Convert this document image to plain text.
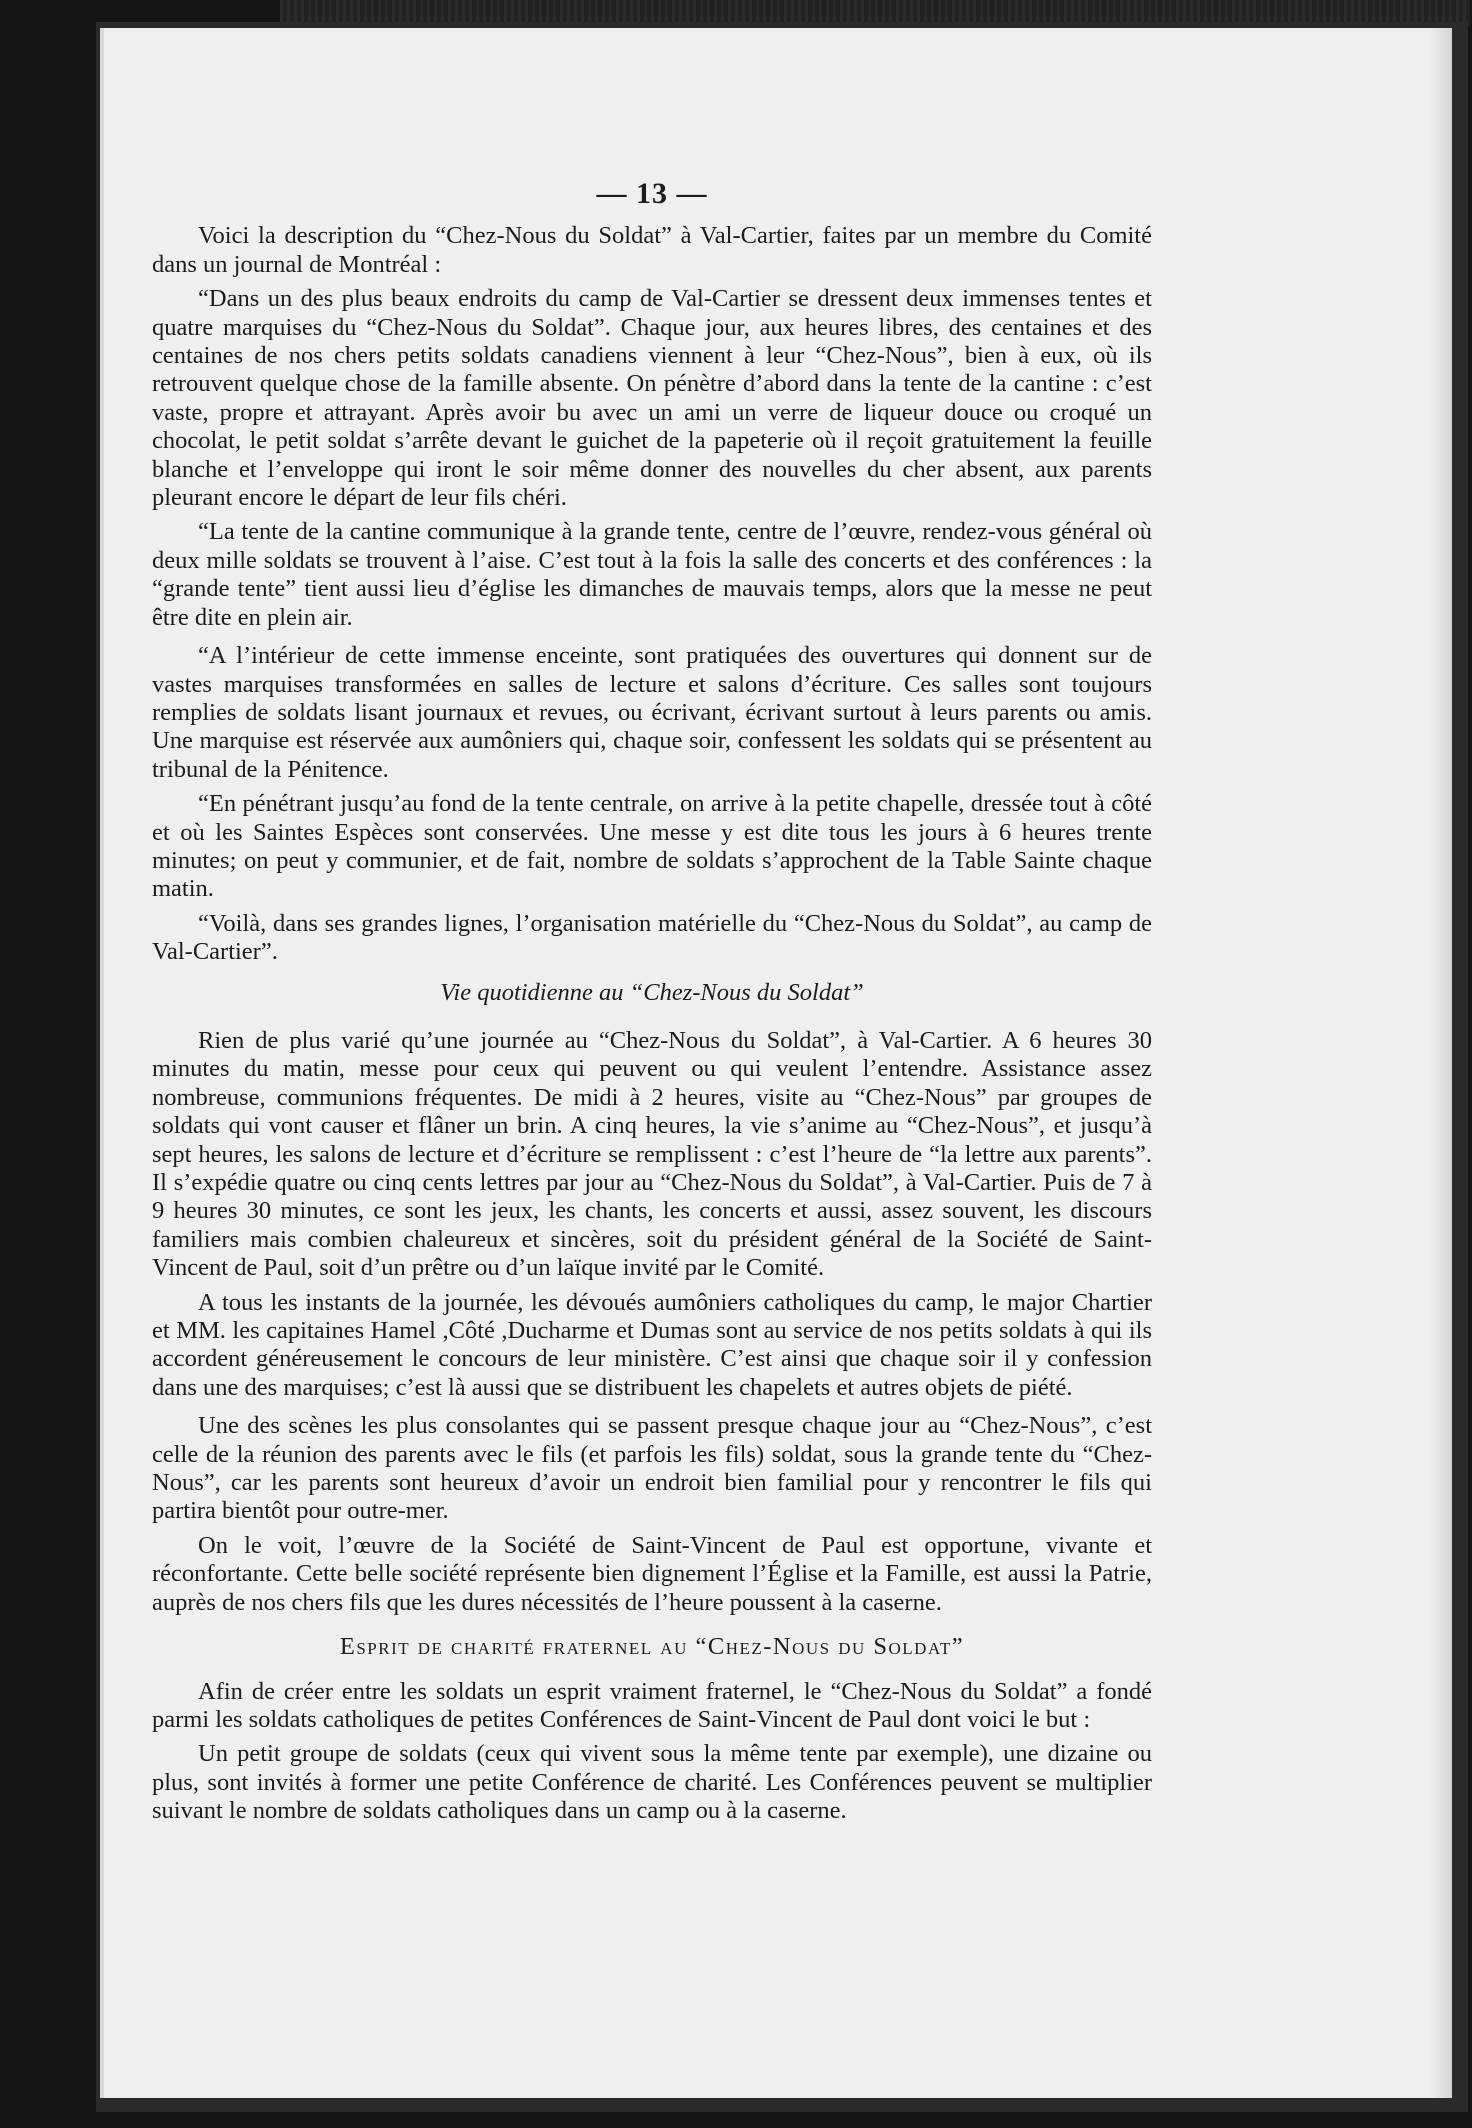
— 13 —

Voici la description du “Chez-Nous du Soldat” à Val-Cartier, faites par un membre du Comité dans un journal de Montréal :

“Dans un des plus beaux endroits du camp de Val-Cartier se dressent deux immenses tentes et quatre marquises du “Chez-Nous du Soldat”. Chaque jour, aux heures libres, des centaines et des centaines de nos chers petits soldats canadiens viennent à leur “Chez-Nous”, bien à eux, où ils retrouvent quelque chose de la famille absente. On pénètre d’abord dans la tente de la cantine : c’est vaste, propre et attrayant. Après avoir bu avec un ami un verre de liqueur douce ou croqué un chocolat, le petit soldat s’arrête devant le guichet de la papeterie où il reçoit gratuitement la feuille blanche et l’enveloppe qui iront le soir même donner des nouvelles du cher absent, aux parents pleurant encore le départ de leur fils chéri.

“La tente de la cantine communique à la grande tente, centre de l’œuvre, rendez-vous général où deux mille soldats se trouvent à l’aise. C’est tout à la fois la salle des concerts et des conférences : la “grande tente” tient aussi lieu d’église les dimanches de mauvais temps, alors que la messe ne peut être dite en plein air.

“A l’intérieur de cette immense enceinte, sont pratiquées des ouvertures qui donnent sur de vastes marquises transformées en salles de lecture et salons d’écriture. Ces salles sont toujours remplies de soldats lisant journaux et revues, ou écrivant, écrivant surtout à leurs parents ou amis. Une marquise est réservée aux aumôniers qui, chaque soir, confessent les soldats qui se présentent au tribunal de la Pénitence.

“En pénétrant jusqu’au fond de la tente centrale, on arrive à la petite chapelle, dressée tout à côté et où les Saintes Espèces sont conservées. Une messe y est dite tous les jours à 6 heures trente minutes; on peut y communier, et de fait, nombre de soldats s’approchent de la Table Sainte chaque matin.

“Voilà, dans ses grandes lignes, l’organisation matérielle du “Chez-Nous du Soldat”, au camp de Val-Cartier”.

Vie quotidienne au “Chez-Nous du Soldat”

Rien de plus varié qu’une journée au “Chez-Nous du Soldat”, à Val-Cartier. A 6 heures 30 minutes du matin, messe pour ceux qui peuvent ou qui veulent l’entendre. Assistance assez nombreuse, communions fréquentes. De midi à 2 heures, visite au “Chez-Nous” par groupes de soldats qui vont causer et flâner un brin. A cinq heures, la vie s’anime au “Chez-Nous”, et jusqu’à sept heures, les salons de lecture et d’écriture se remplissent : c’est l’heure de “la lettre aux parents”. Il s’expédie quatre ou cinq cents lettres par jour au “Chez-Nous du Soldat”, à Val-Cartier. Puis de 7 à 9 heures 30 minutes, ce sont les jeux, les chants, les concerts et aussi, assez souvent, les discours familiers mais combien chaleureux et sincères, soit du président général de la Société de Saint-Vincent de Paul, soit d’un prêtre ou d’un laïque invité par le Comité.

A tous les instants de la journée, les dévoués aumôniers catholiques du camp, le major Chartier et MM. les capitaines Hamel ,Côté ,Ducharme et Dumas sont au service de nos petits soldats à qui ils accordent généreusement le concours de leur ministère. C’est ainsi que chaque soir il y confession dans une des marquises; c’est là aussi que se distribuent les chapelets et autres objets de piété.

Une des scènes les plus consolantes qui se passent presque chaque jour au “Chez-Nous”, c’est celle de la réunion des parents avec le fils (et parfois les fils) soldat, sous la grande tente du “Chez-Nous”, car les parents sont heureux d’avoir un endroit bien familial pour y rencontrer le fils qui partira bientôt pour outre-mer.

On le voit, l’œuvre de la Société de Saint-Vincent de Paul est opportune, vivante et réconfortante. Cette belle société représente bien dignement l’Église et la Famille, est aussi la Patrie, auprès de nos chers fils que les dures nécessités de l’heure poussent à la caserne.

Esprit de charité fraternel au “Chez-Nous du Soldat”

Afin de créer entre les soldats un esprit vraiment fraternel, le “Chez-Nous du Soldat” a fondé parmi les soldats catholiques de petites Conférences de Saint-Vincent de Paul dont voici le but :

Un petit groupe de soldats (ceux qui vivent sous la même tente par exemple), une dizaine ou plus, sont invités à former une petite Conférence de charité. Les Conférences peuvent se multiplier suivant le nombre de soldats catholiques dans un camp ou à la caserne.
